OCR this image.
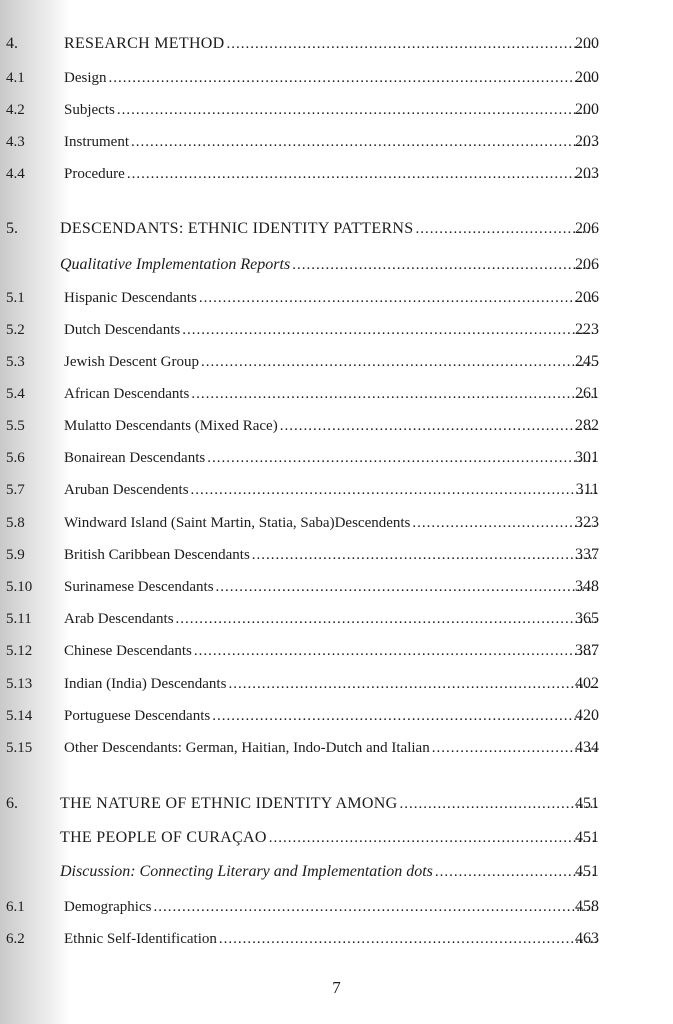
4.	RESEARCH METHOD .....	200
4.1	Design .....	200
4.2	Subjects .....	200
4.3	Instrument .....	203
4.4	Procedure .....	203
5.	DESCENDANTS: ETHNIC IDENTITY PATTERNS .....	206
Qualitative Implementation Reports .....	206
5.1	Hispanic Descendants .....	206
5.2	Dutch Descendants .....	223
5.3	Jewish Descent Group .....	245
5.4	African Descendants .....	261
5.5	Mulatto Descendants (Mixed Race) .....	282
5.6	Bonairean Descendants .....	301
5.7	Aruban Descendents .....	311
5.8	Windward Island (Saint Martin, Statia, Saba)Descendents .....	323
5.9	British Caribbean Descendants .....	337
5.10 Surinamese Descendants .....	348
5.11 Arab Descendants .....	365
5.12 Chinese Descendants .....	387
5.13 Indian (India) Descendants .....	402
5.14 Portuguese Descendants .....	420
5.15 Other Descendants: German, Haitian, Indo-Dutch and Italian .....	434
6.	THE NATURE OF ETHNIC IDENTITY AMONG .....	451
THE PEOPLE OF CURAÇAO .....	451
Discussion: Connecting Literary and Implementation dots .....	451
6.1	Demographics .....	458
6.2	Ethnic Self-Identification .....	463
7
